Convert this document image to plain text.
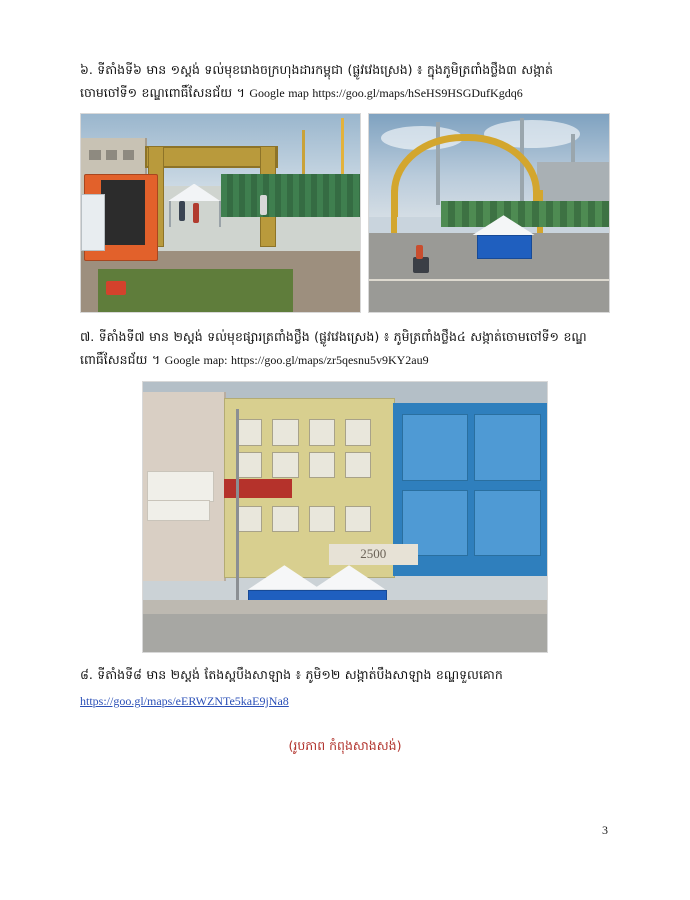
៦. ទីតាំងទី៦ មាន ១ស្តង់ ទល់មុខរោងចក្រហុងដារកម្ពុជា (ផ្លូវវេងស្រេង) ៖ ក្នុងភូមិត្រពាំងថ្លឹង៣ សង្កាត់ចោមចៅទី១ ខណ្ឌពោធិ៍សែនជ័យ ។ Google map https://goo.gl/maps/hSeHS9HSGDufKgdq6

៧. ទីតាំងទី៧ មាន ២ស្តង់ ទល់មុខផ្សារត្រពាំងថ្លឹង (ផ្លូវវេងស្រេង) ៖ ភូមិត្រពាំងថ្លឹង៤ សង្កាត់ចោមចៅទី១ ខណ្ឌពោធិ៍សែនជ័យ ។ Google map: https://goo.gl/maps/zr5qesnu5v9KY2au9

2500

៨. ទីតាំងទី៨ មាន ២ស្តង់ តែងស្ពបឹងសាឡាង ៖ ភូមិ១២ សង្កាត់បឹងសាឡាង ខណ្ឌទួលគោក

https://goo.gl/maps/eERWZNTe5kaE9jNa8

(រូបភាព កំពុងសាងសង់)
3
